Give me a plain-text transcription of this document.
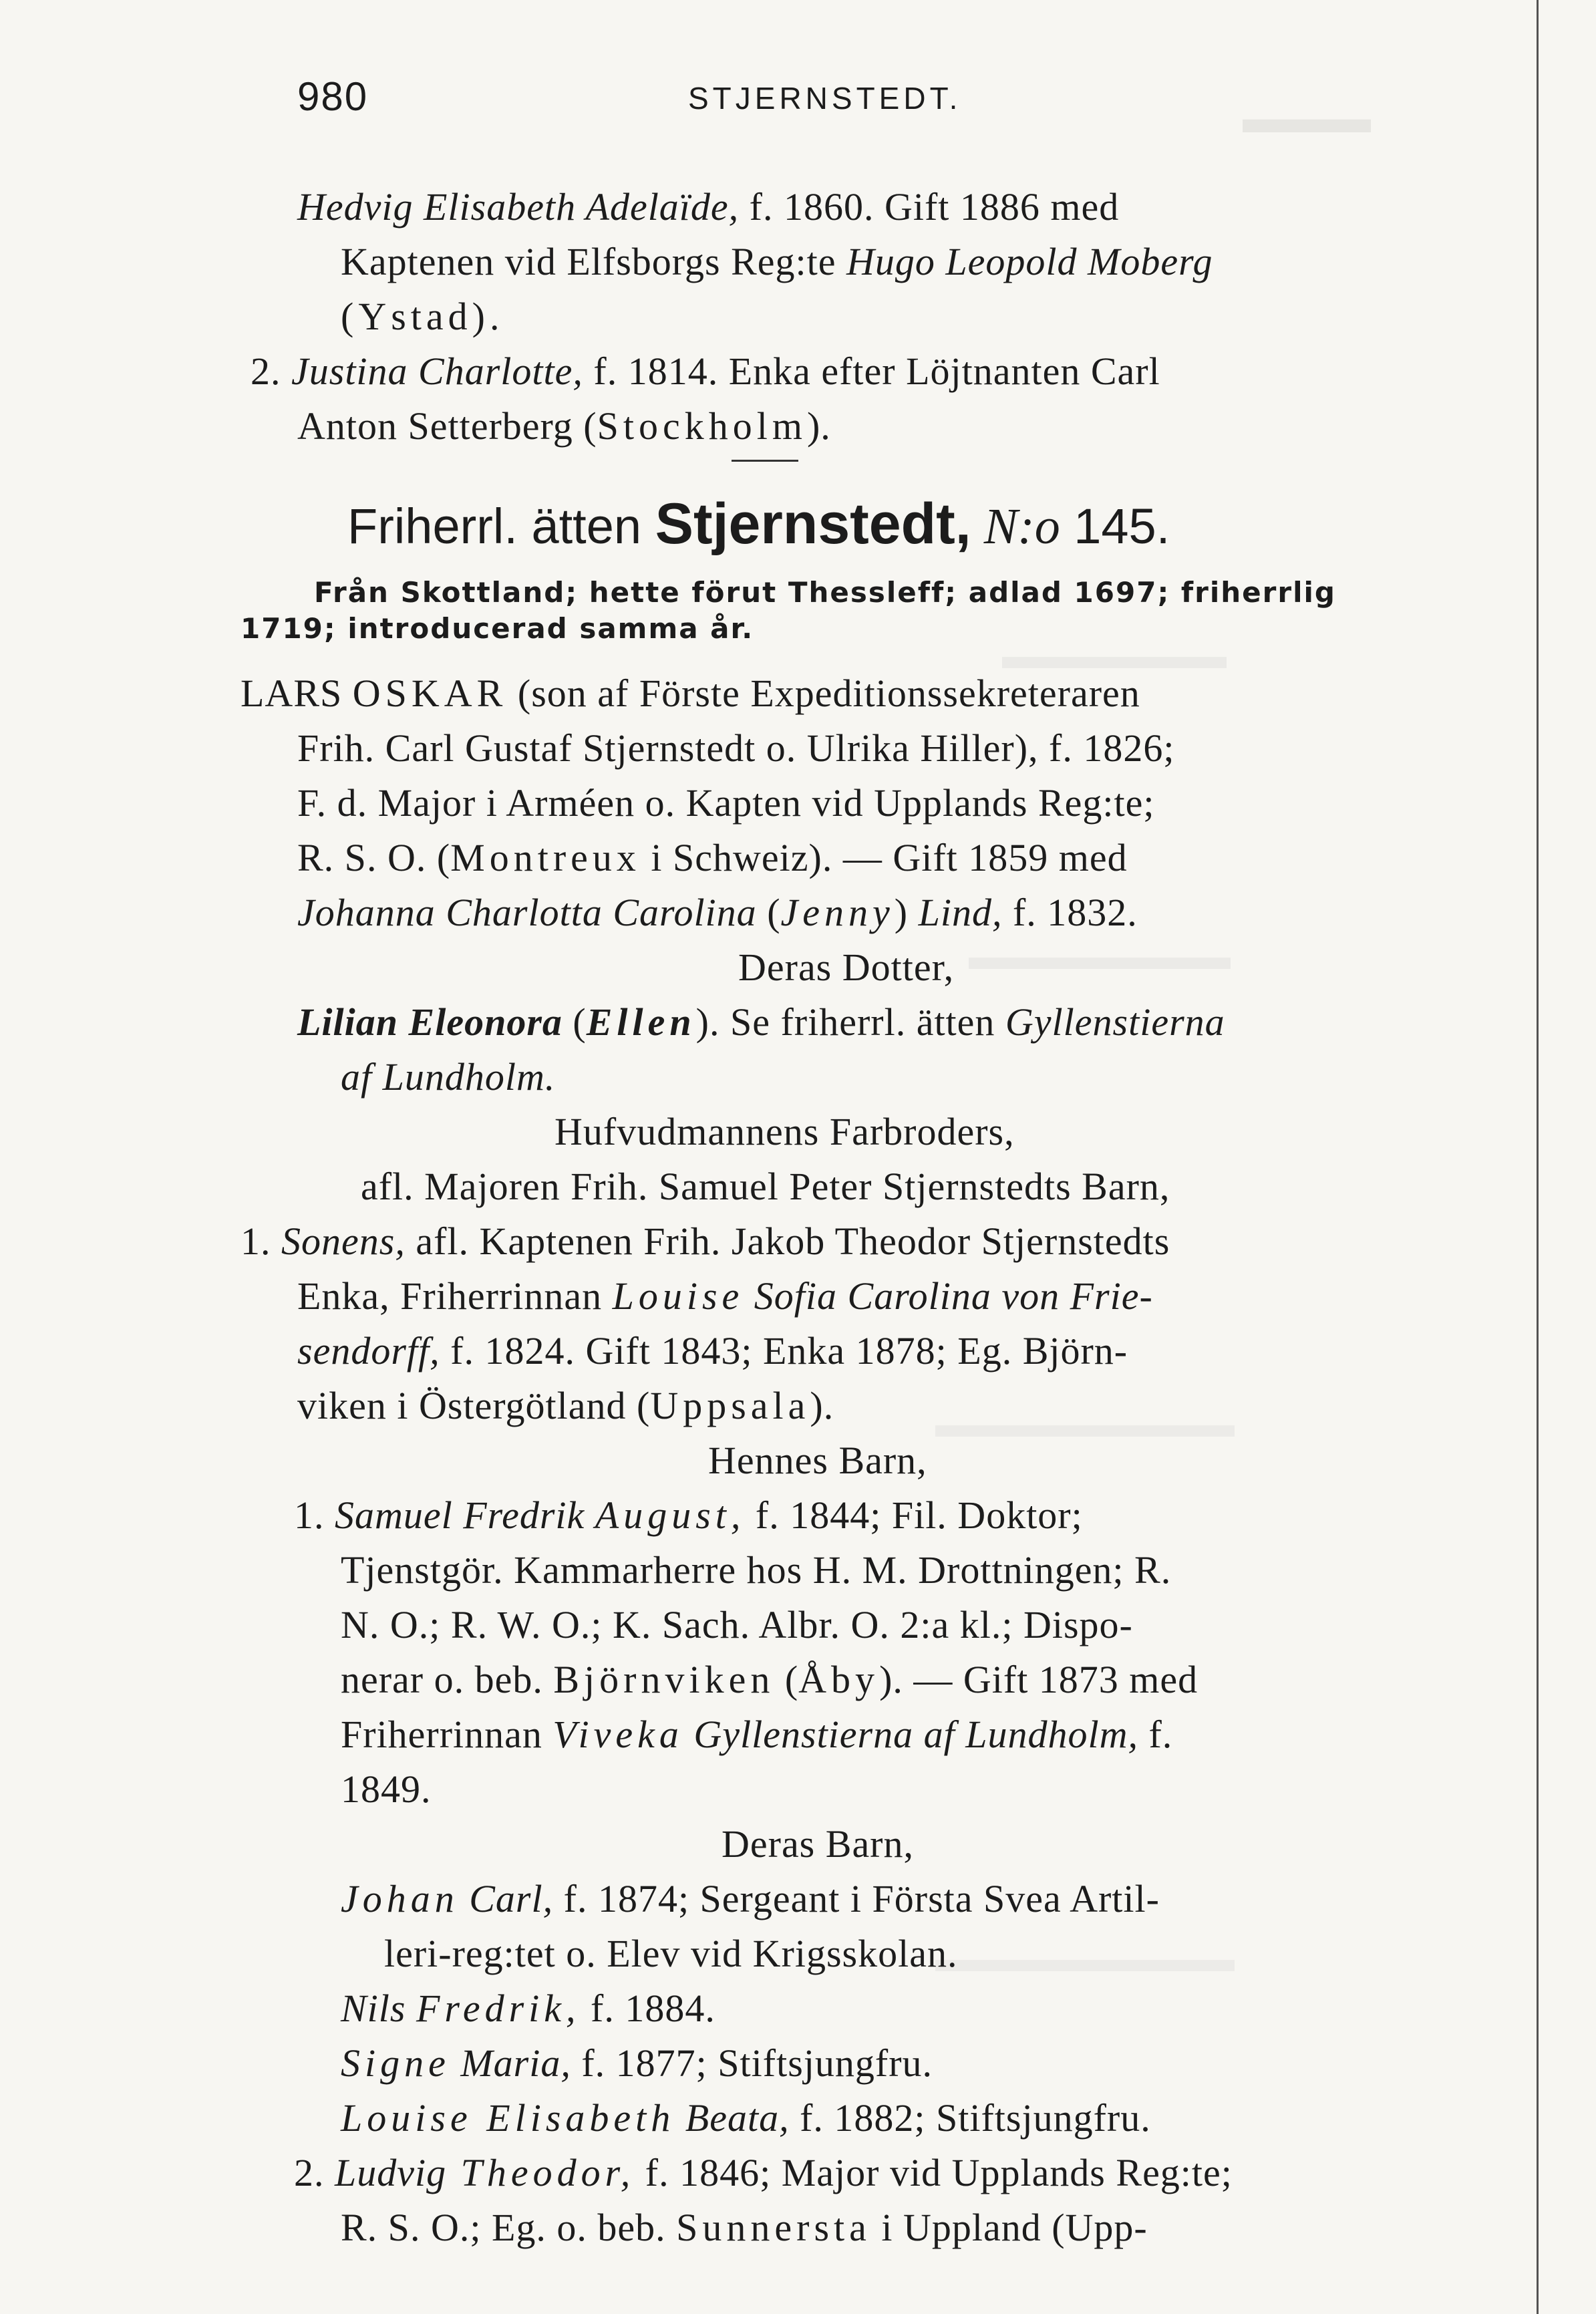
▬▬▬
▬▬▬▬▬▬
▬▬▬▬▬▬▬
▬▬▬▬▬▬▬▬
▬▬▬▬▬▬▬▬
980	STJERNSTEDT.
Hedvig Elisabeth Adelaïde, f. 1860. Gift 1886 med
Kaptenen vid Elfsborgs Reg:te Hugo Leopold Moberg
(Ystad).
2. Justina Charlotte, f. 1814. Enka efter Löjtnanten Carl
Anton Setterberg (Stockholm).
Friherrl. ätten Stjernstedt, N:o 145.
Från Skottland; hette förut Thessleff; adlad 1697; friherrlig
1719; introducerad samma år.
LARS OSKAR (son af Förste Expeditionssekreteraren
Frih. Carl Gustaf Stjernstedt o. Ulrika Hiller), f. 1826;
F. d. Major i Arméen o. Kapten vid Upplands Reg:te;
R. S. O. (Montreux i Schweiz). — Gift 1859 med
Johanna Charlotta Carolina (Jenny) Lind, f. 1832.
Deras Dotter,
Lilian Eleonora (Ellen). Se friherrl. ätten Gyllenstierna
af Lundholm.
Hufvudmannens Farbroders,
afl. Majoren Frih. Samuel Peter Stjernstedts Barn,
1. Sonens, afl. Kaptenen Frih. Jakob Theodor Stjernstedts
Enka, Friherrinnan Louise Sofia Carolina von Frie-
sendorff, f. 1824. Gift 1843; Enka 1878; Eg. Björn-
viken i Östergötland (Uppsala).
Hennes Barn,
1. Samuel Fredrik August, f. 1844; Fil. Doktor;
Tjenstgör. Kammarherre hos H. M. Drottningen; R.
N. O.; R. W. O.; K. Sach. Albr. O. 2:a kl.; Dispo-
nerar o. beb. Björnviken (Åby). — Gift 1873 med
Friherrinnan Viveka Gyllenstierna af Lundholm, f.
1849.
Deras Barn,
Johan Carl, f. 1874; Sergeant i Första Svea Artil-
leri-reg:tet o. Elev vid Krigsskolan.
Nils Fredrik, f. 1884.
Signe Maria, f. 1877; Stiftsjungfru.
Louise Elisabeth Beata, f. 1882; Stiftsjungfru.
2. Ludvig Theodor, f. 1846; Major vid Upplands Reg:te;
R. S. O.; Eg. o. beb. Sunnersta i Uppland (Upp-
